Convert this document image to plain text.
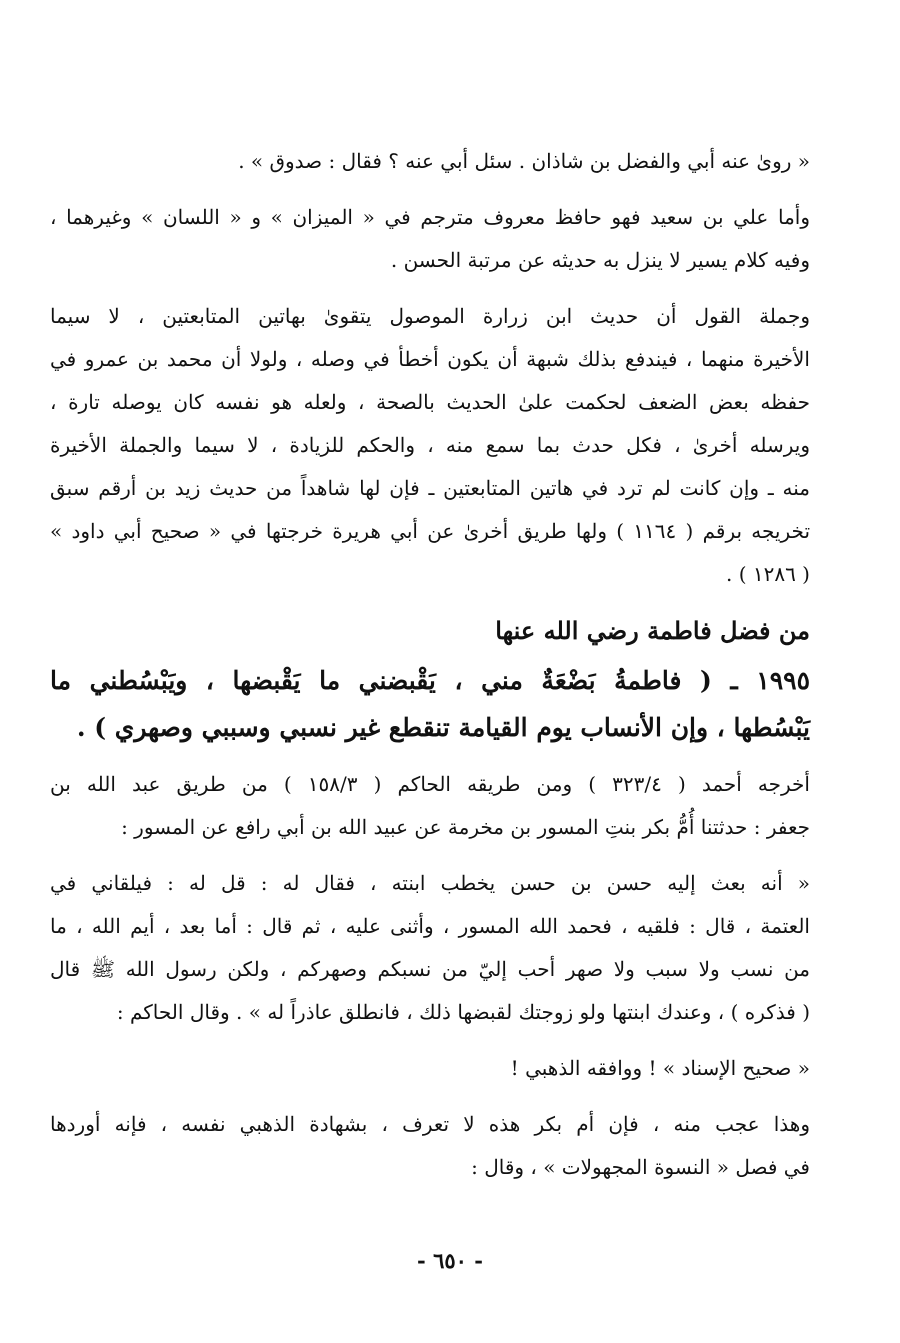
« روىٰ عنه أبي والفضل بن شاذان . سئل أبي عنه ؟ فقال : صدوق » .
وأما علي بن سعيد فهو حافظ معروف مترجم في « الميزان » و « اللسان » وغيرهما ،
وفيه كلام يسير لا ينزل به حديثه عن مرتبة الحسن .
وجملة القول أن حديث ابن زرارة الموصول يتقوىٰ بهاتين المتابعتين ، لا سيما
الأخيرة منهما ، فيندفع بذلك شبهة أن يكون أخطأ في وصله ، ولولا أن محمد بن عمرو في
حفظه بعض الضعف لحكمت علىٰ الحديث بالصحة ، ولعله هو نفسه كان يوصله تارة ،
ويرسله أخرىٰ ، فكل حدث بما سمع منه ، والحكم للزيادة ، لا سيما والجملة الأخيرة
منه ـ وإن كانت لم ترد في هاتين المتابعتين ـ فإن لها شاهداً من حديث زيد بن أرقم سبق
تخريجه برقم ( ١١٦٤ ) ولها طريق أخرىٰ عن أبي هريرة خرجتها في « صحيح أبي داود »
( ١٢٨٦ ) .
من فضل فاطمة رضي الله عنها
١٩٩٥ ـ ( فاطمةُ بَضْعَةٌ مني ، يَقْبضني ما يَقْبضها ، ويَبْسُطني ما
يَبْسُطها ، وإن الأنساب يوم القيامة تنقطع غير نسبي وسببي وصهري ) .
أخرجه أحمد ( ٣٢٣/٤ ) ومن طريقه الحاكم ( ١٥٨/٣ ) من طريق عبد الله بن
جعفر : حدثتنا أُمُّ بكر بنتِ المسور بن مخرمة عن عبيد الله بن أبي رافع عن المسور :
« أنه بعث إليه حسن بن حسن يخطب ابنته ، فقال له : قل له : فيلقاني في
العتمة ، قال : فلقيه ، فحمد الله المسور ، وأثنى عليه ، ثم قال : أما بعد ، أيم الله ، ما
من نسب ولا سبب ولا صهر أحب إليّ من نسبكم وصهركم ، ولكن رسول الله ﷺ قال
( فذكره ) ، وعندك ابنتها ولو زوجتك لقبضها ذلك ، فانطلق عاذراً له » . وقال الحاكم :
« صحيح الإسناد » ! ووافقه الذهبي !
وهذا عجب منه ، فإن أم بكر هذه لا تعرف ، بشهادة الذهبي نفسه ، فإنه أوردها
في فصل « النسوة المجهولات » ، وقال :
- ٦٥٠ -
